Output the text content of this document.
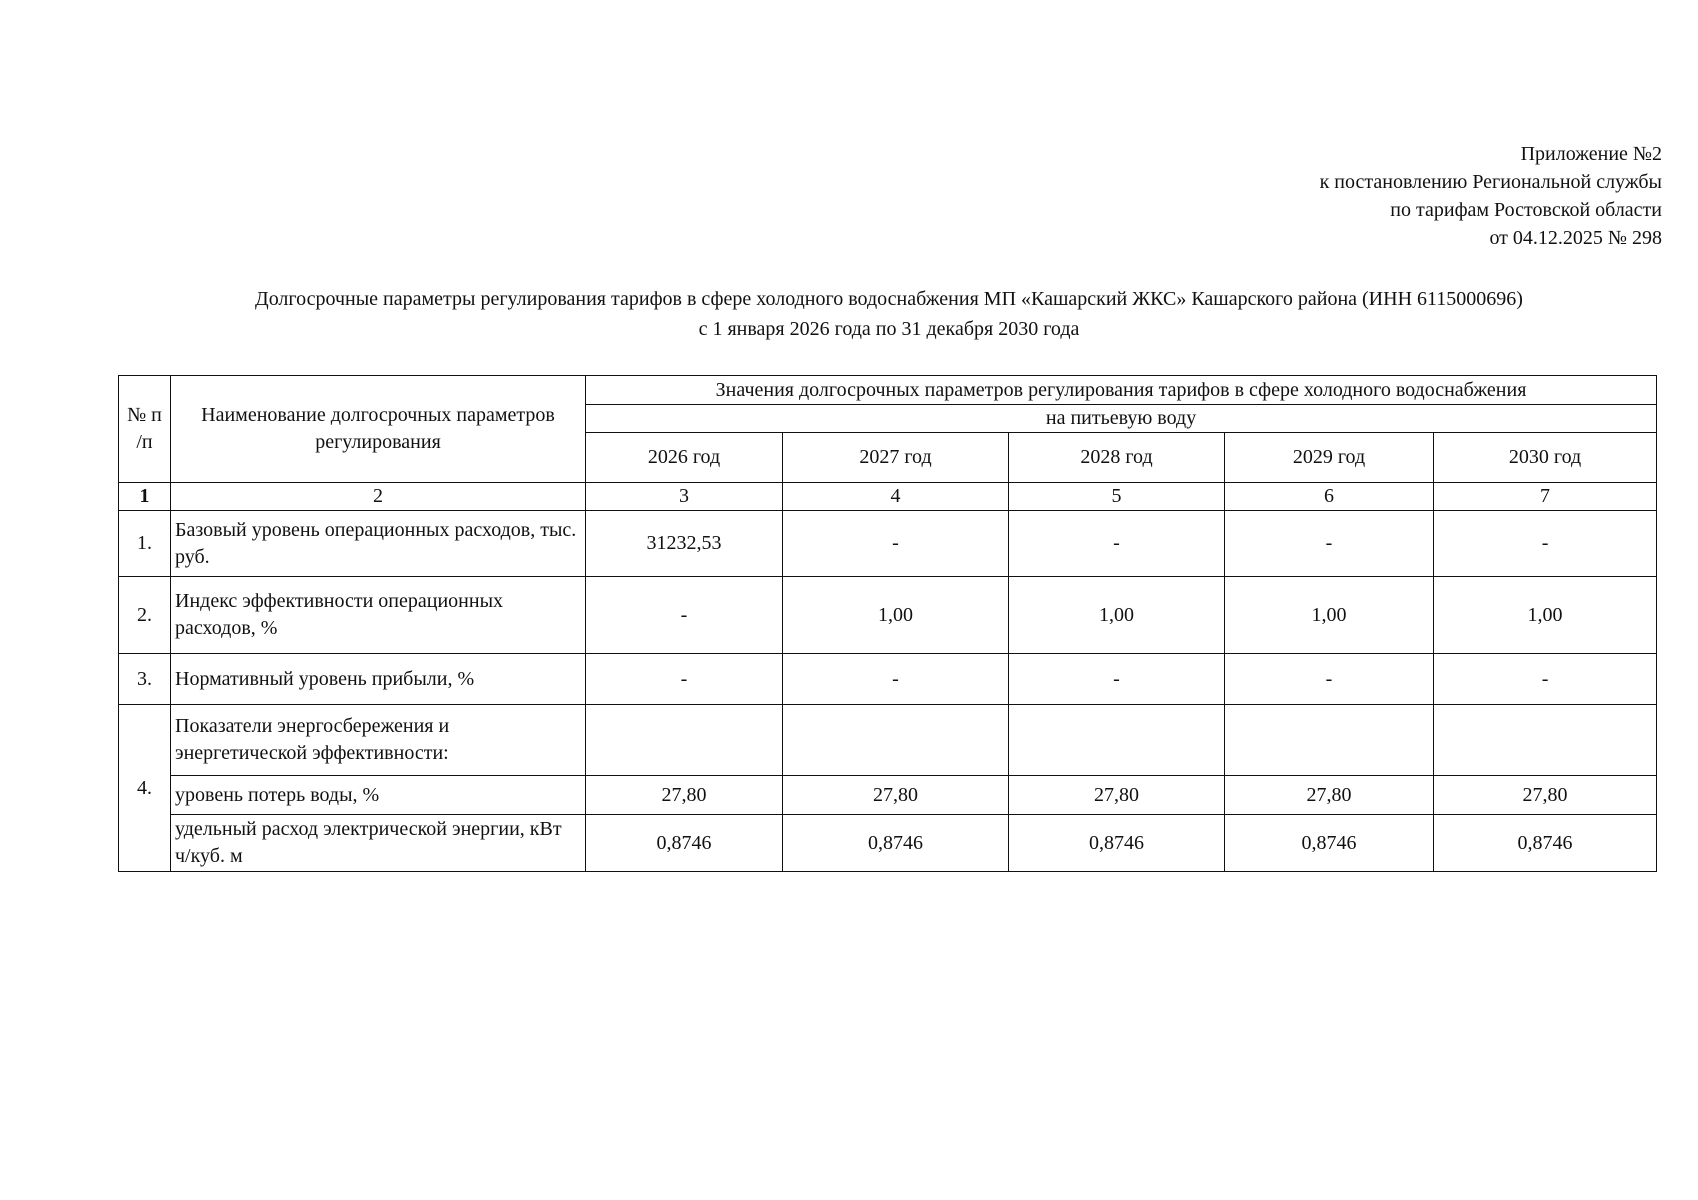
Приложение №2
к постановлению Региональной службы
по тарифам Ростовской области
от 04.12.2025 № 298
Долгосрочные параметры регулирования тарифов в сфере холодного водоснабжения МП «Кашарский ЖКС» Кашарского района (ИНН 6115000696)
с 1 января 2026 года по 31 декабря 2030 года
№ п /п	Наименование долгосрочных параметров регулирования	Значения долгосрочных параметров регулирования тарифов в сфере холодного водоснабжения				
		на питьевую воду				
		2026 год	2027 год	2028 год	2029 год	2030 год
1	2	3	4	5	6	7
1.	Базовый уровень операционных расходов, тыс. руб.	31232,53	-	-	-	-
2.	Индекс эффективности операционных расходов, %	-	1,00	1,00	1,00	1,00
3.	Нормативный уровень прибыли, %	-	-	-	-	-
4.	Показатели энергосбережения и энергетической эффективности:					
	уровень потерь воды, %	27,80	27,80	27,80	27,80	27,80
	удельный расход электрической энергии, кВт ч/куб. м	0,8746	0,8746	0,8746	0,8746	0,8746
